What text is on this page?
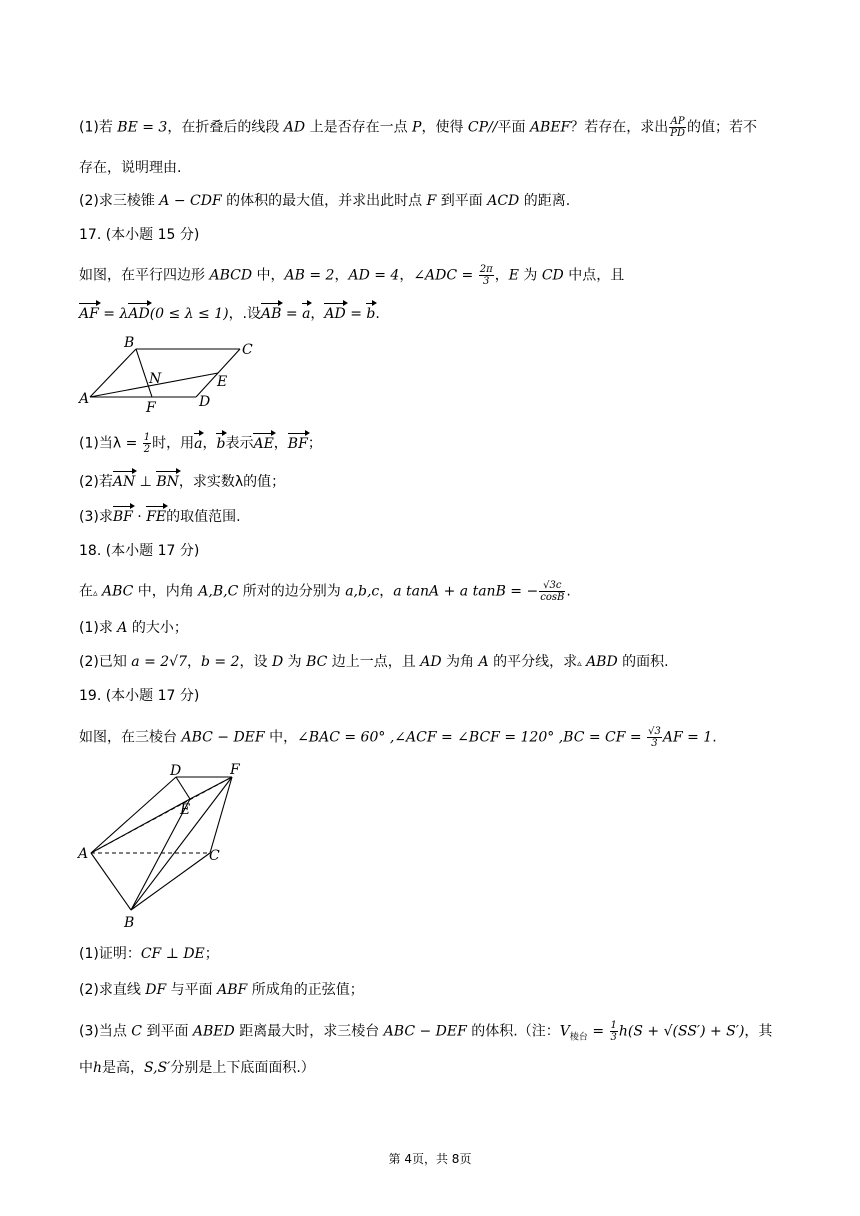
(1)若 BE = 3，在折叠后的线段 AD 上是否存在一点 P，使得 CP//平面 ABEF？若存在，求出 $\frac{AP}{PD}$ 的值；若不
存在，说明理由.
(2)求三棱锥 A − CDF 的体积的最大值，并求出此时点 F 到平面 ACD 的距离.
17. (本小题 15 分)
如图，在平行四边形 ABCD 中，AB = 2，AD = 4，∠ADC = $\frac{2\pi}{3}$ ，E 为 CD 中点，且
AF = λAD(0 ≤ λ ≤ 1)，.设AB = a，AD = b.
B	C
N	E
A
F	D
(1)当$\lambda = \frac{1}{2}$ 时，用a，b表示AE，BF；
(2)若AN ⊥ BN，求实数λ的值；
(3)求BF · FE的取值范围.
18. (本小题 17 分)
在▵ ABC 中，内角 A,B,C 所对的边分别为 a,b,c，a tanA + a tanB = − $\frac{√3c}{\cos B}$ .
(1)求 A 的大小；
(2)已知 a = 2√7，b = 2，设 D 为 BC 边上一点，且 AD 为角 A 的平分线，求▵ ABD 的面积.
19. (本小题 17 分)
如图，在三棱台 ABC − DEF 中，∠BAC = 60° ,∠ACF = ∠BCF = 120° ,BC = CF = $\frac{√3}{3}$ AF = 1.
D	F
E
A	C
B
(1)证明：CF ⊥ DE；
(2)求直线 DF 与平面 ABF 所成角的正弦值；
(3)当点 C 到平面 ABED 距离最大时，求三棱台 ABC − DEF 的体积.（注：$V_{棱台} = \frac{1}{3} h(S + √(SS') + S')$，其
中h是高，S,S′分别是上下底面面积.）
第 4页，共 8页
